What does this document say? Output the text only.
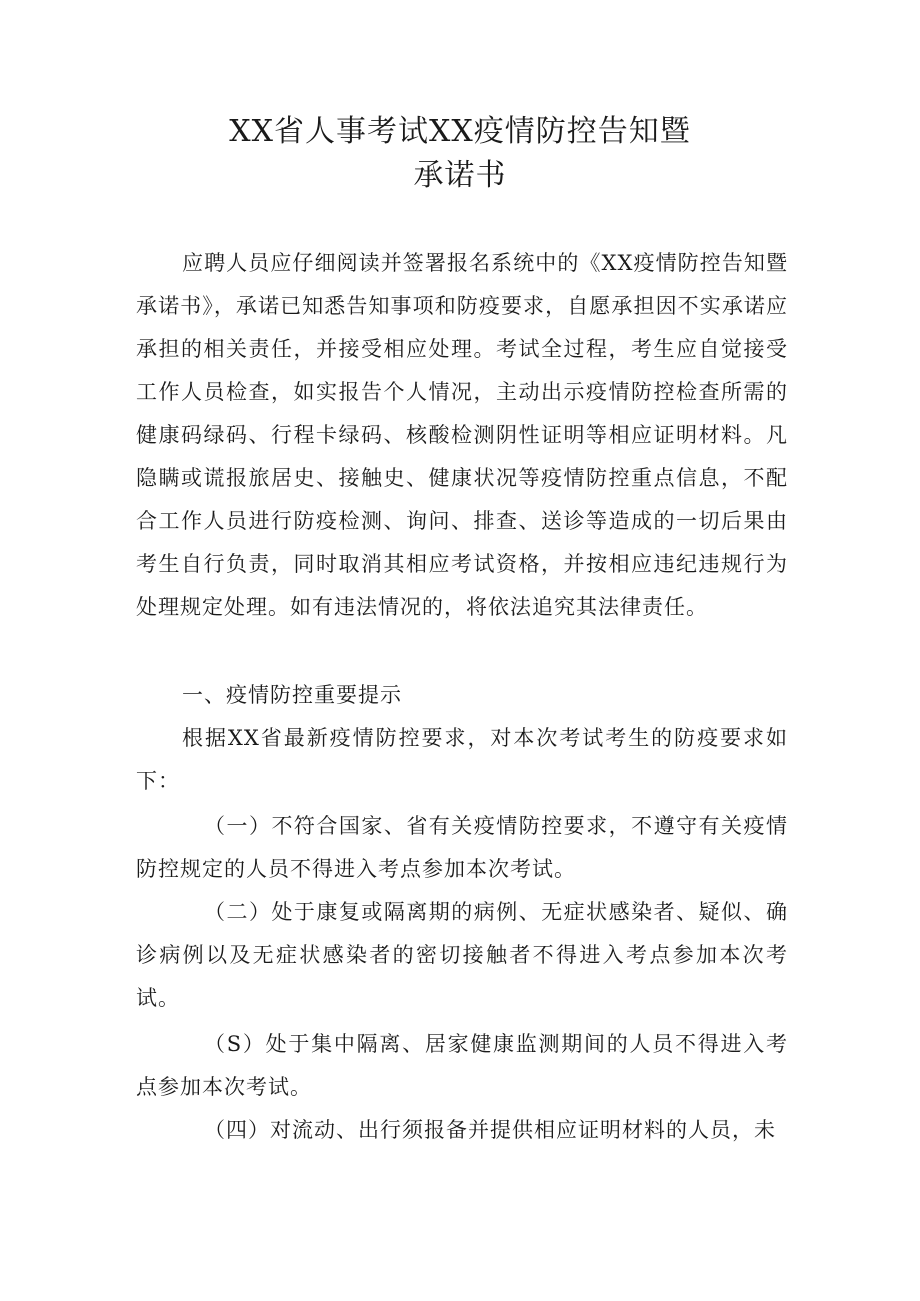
XX省人事考试XX疫情防控告知暨
承诺书

应聘人员应仔细阅读并签署报名系统中的《XX疫情防控告知暨承诺书》，承诺已知悉告知事项和防疫要求，自愿承担因不实承诺应承担的相关责任，并接受相应处理。考试全过程，考生应自觉接受工作人员检查，如实报告个人情况，主动出示疫情防控检查所需的健康码绿码、行程卡绿码、核酸检测阴性证明等相应证明材料。凡隐瞒或谎报旅居史、接触史、健康状况等疫情防控重点信息，不配合工作人员进行防疫检测、询问、排查、送诊等造成的一切后果由考生自行负责，同时取消其相应考试资格，并按相应违纪违规行为处理规定处理。如有违法情况的，将依法追究其法律责任。

一、疫情防控重要提示

根据XX省最新疫情防控要求，对本次考试考生的防疫要求如下：

（一）不符合国家、省有关疫情防控要求，不遵守有关疫情防控规定的人员不得进入考点参加本次考试。

（二）处于康复或隔离期的病例、无症状感染者、疑似、确诊病例以及无症状感染者的密切接触者不得进入考点参加本次考试。

（S）处于集中隔离、居家健康监测期间的人员不得进入考点参加本次考试。

（四）对流动、出行须报备并提供相应证明材料的人员，未
